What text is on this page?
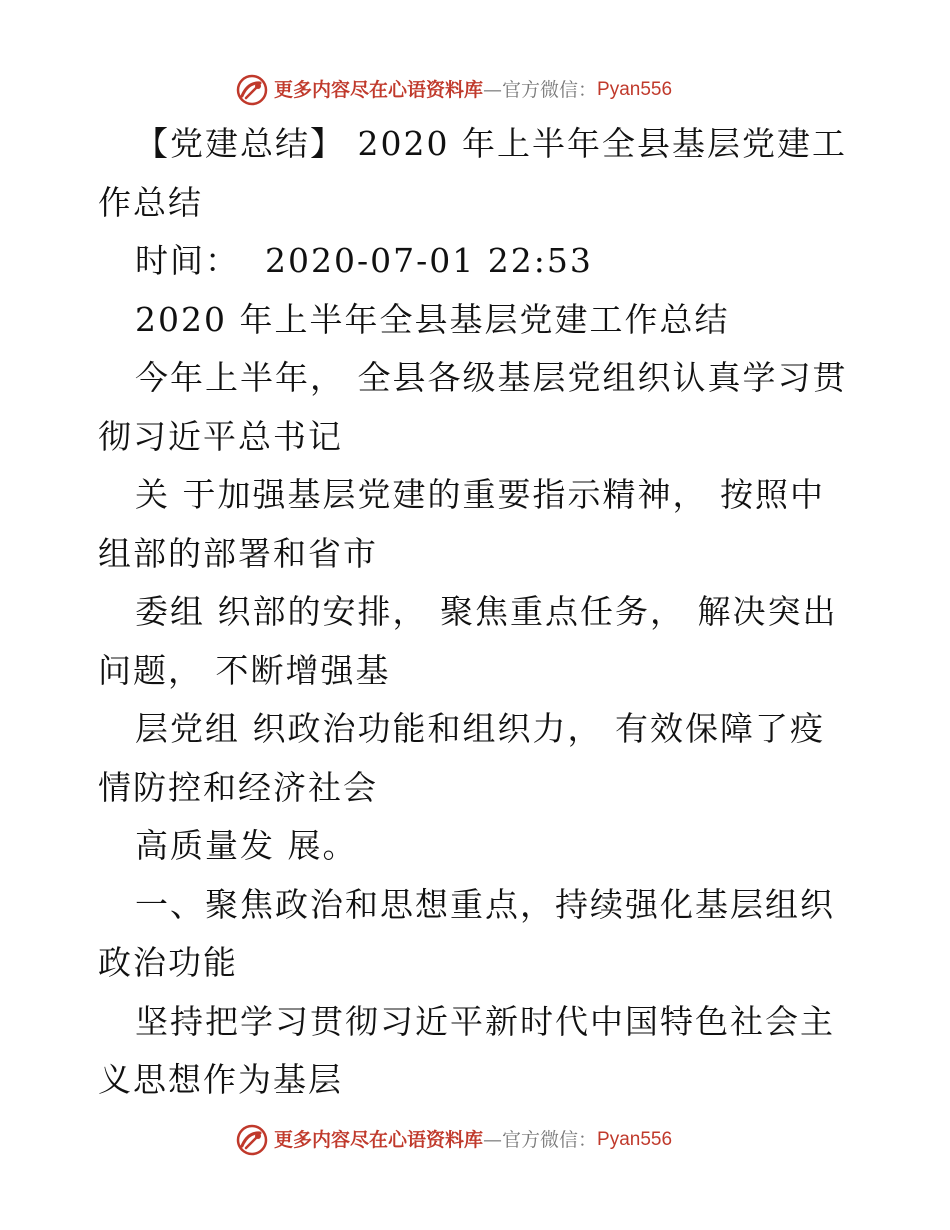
更多内容尽在心语资料库 — 官方微信： Pyan556

【党建总结】 2020 年上半年全县基层党建工作总结

时间：  2020-07-01 22:53

2020 年上半年全县基层党建工作总结

今年上半年， 全县各级基层党组织认真学习贯彻习近平总书记

关 于加强基层党建的重要指示精神， 按照中组部的部署和省市

委组 织部的安排， 聚焦重点任务， 解决突出问题， 不断增强基

层党组 织政治功能和组织力， 有效保障了疫情防控和经济社会

高质量发 展。

一、聚焦政治和思想重点，持续强化基层组织政治功能

坚持把学习贯彻习近平新时代中国特色社会主义思想作为基层

更多内容尽在心语资料库 — 官方微信： Pyan556
